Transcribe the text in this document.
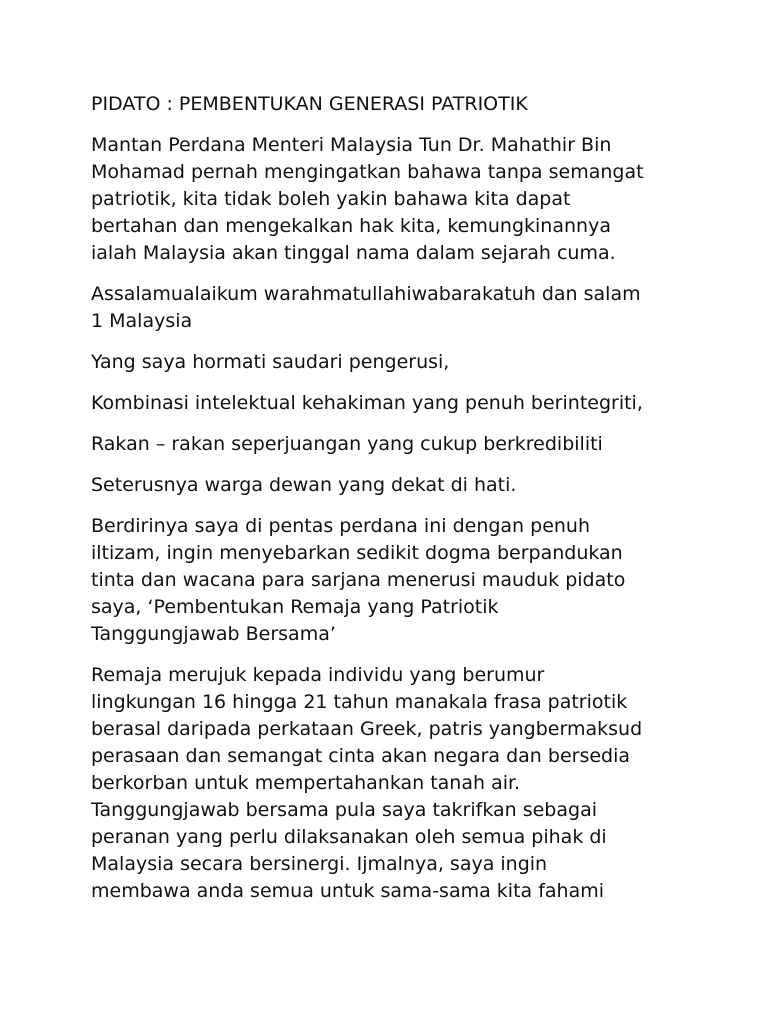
PIDATO : PEMBENTUKAN GENERASI PATRIOTIK

Mantan Perdana Menteri Malaysia Tun Dr. Mahathir Bin
Mohamad pernah mengingatkan bahawa tanpa semangat
patriotik, kita tidak boleh yakin bahawa kita dapat
bertahan dan mengekalkan hak kita, kemungkinannya
ialah Malaysia akan tinggal nama dalam sejarah cuma.

Assalamualaikum warahmatullahiwabarakatuh dan salam
1 Malaysia

Yang saya hormati saudari pengerusi,

Kombinasi intelektual kehakiman yang penuh berintegriti,

Rakan – rakan seperjuangan yang cukup berkredibiliti

Seterusnya warga dewan yang dekat di hati.

Berdirinya saya di pentas perdana ini dengan penuh
iltizam, ingin menyebarkan sedikit dogma berpandukan
tinta dan wacana para sarjana menerusi mauduk pidato
saya, ‘Pembentukan Remaja yang Patriotik
Tanggungjawab Bersama’

Remaja merujuk kepada individu yang berumur
lingkungan 16 hingga 21 tahun manakala frasa patriotik
berasal daripada perkataan Greek, patris yangbermaksud
perasaan dan semangat cinta akan negara dan bersedia
berkorban untuk mempertahankan tanah air.
Tanggungjawab bersama pula saya takrifkan sebagai
peranan yang perlu dilaksanakan oleh semua pihak di
Malaysia secara bersinergi. Ijmalnya, saya ingin
membawa anda semua untuk sama-sama kita fahami
